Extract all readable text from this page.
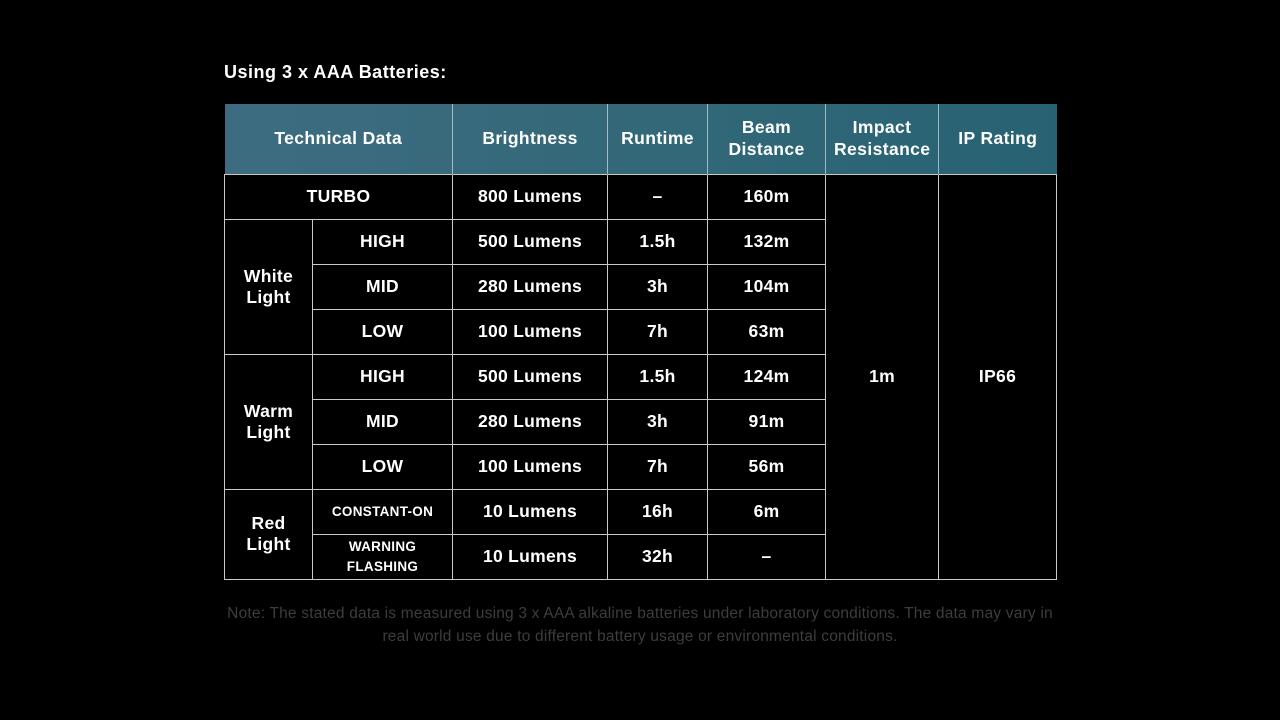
Using 3 x AAA Batteries:
Technical Data		Brightness	Runtime	Beam Distance	Impact Resistance	IP Rating
TURBO		800 Lumens	–	160m	1m	IP66
White Light	HIGH	500 Lumens	1.5h	132m		
	MID	280 Lumens	3h	104m		
	LOW	100 Lumens	7h	63m		
Warm Light	HIGH	500 Lumens	1.5h	124m		
	MID	280 Lumens	3h	91m		
	LOW	100 Lumens	7h	56m		
Red Light	CONSTANT-ON	10 Lumens	16h	6m		
	WARNING FLASHING	10 Lumens	32h	–		

Note: The stated data is measured using 3 x AAA alkaline batteries under laboratory conditions. The data may vary in real world use due to different battery usage or environmental conditions.
